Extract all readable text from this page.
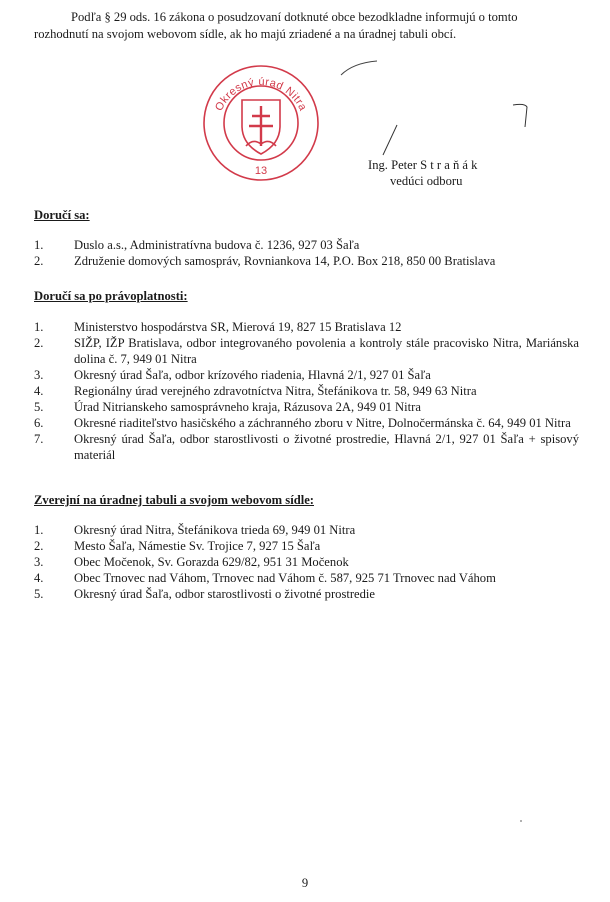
Podľa § 29 ods. 16 zákona o posudzovaní dotknuté obce bezodkladne informujú o tomto rozhodnutí na svojom webovom sídle, ak ho majú zriadené a na úradnej tabuli obcí.

Okresný úrad Nitra
13	Ing. Peter S t r a ň á k
vedúci odboru
Doručí sa:
1. Duslo a.s., Administratívna budova č. 1236, 927 03 Šaľa
2. Združenie domových samospráv, Rovniankova 14, P.O. Box 218, 850 00 Bratislava
Doručí sa po právoplatnosti:
1. Ministerstvo hospodárstva SR, Mierová 19, 827 15 Bratislava 12
2. SIŽP, IŽP Bratislava, odbor integrovaného povolenia a kontroly stále pracovisko Nitra, Mariánska dolina č. 7, 949 01 Nitra
3. Okresný úrad Šaľa, odbor krízového riadenia, Hlavná 2/1, 927 01 Šaľa
4. Regionálny úrad verejného zdravotníctva Nitra, Štefánikova tr. 58, 949 63 Nitra
5. Úrad Nitrianskeho samosprávneho kraja, Rázusova 2A, 949 01 Nitra
6. Okresné riaditeľstvo hasičského a záchranného zboru v Nitre, Dolnočermánska č. 64, 949 01 Nitra
7. Okresný úrad Šaľa, odbor starostlivosti o životné prostredie, Hlavná 2/1, 927 01 Šaľa + spisový materiál
Zverejní na úradnej tabuli a svojom webovom sídle:
1. Okresný úrad Nitra, Štefánikova trieda 69, 949 01 Nitra
2. Mesto Šaľa, Námestie Sv. Trojice 7, 927 15 Šaľa
3. Obec Močenok, Sv. Gorazda 629/82, 951 31 Močenok
4. Obec Trnovec nad Váhom, Trnovec nad Váhom č. 587, 925 71 Trnovec nad Váhom
5. Okresný úrad Šaľa, odbor starostlivosti o životné prostredie
9
